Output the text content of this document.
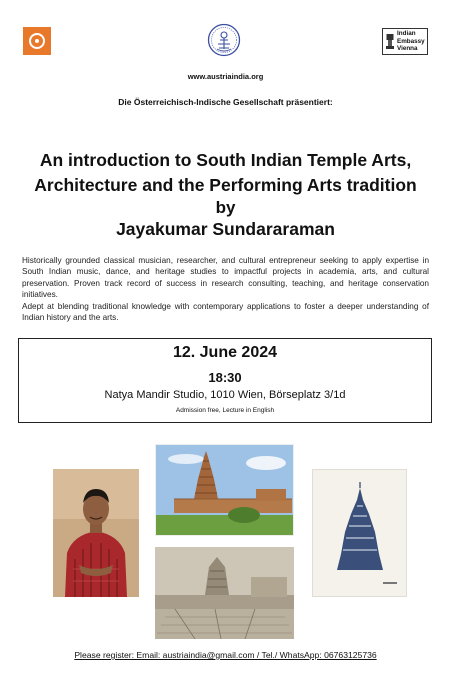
Indian
Embassy
Vienna
www.austriaindia.org
Die Österreichisch-Indische Gesellschaft präsentiert:
An introduction to South Indian Temple Arts,
Architecture and the Performing Arts tradition
by
Jayakumar Sundararaman

Historically grounded classical musician, researcher, and cultural entrepreneur seeking to apply expertise in South Indian music, dance, and heritage studies to impactful projects in academia, arts, and cultural preservation. Proven track record of success in research consulting, teaching, and heritage conservation initiatives.

Adept at blending traditional knowledge with contemporary applications to foster a deeper understanding of Indian history and the arts.

12. June 2024
18:30
Natya Mandir Studio, 1010 Wien, Börseplatz 3/1d
Admission free, Lecture in English
Please register: Email: austriaindia@gmail.com / Tel./ WhatsApp: 06763125736
